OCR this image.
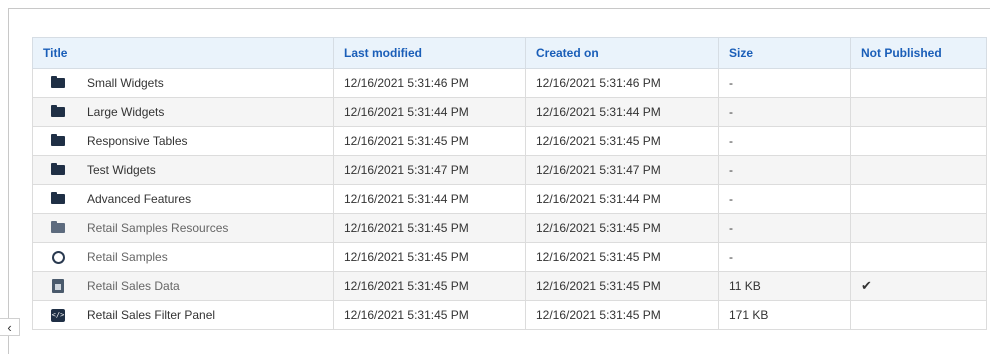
Title	Last modified	Created on	Size	Not Published

Small Widgets	12/16/2021 5:31:46 PM	12/16/2021 5:31:46 PM	-	

Large Widgets	12/16/2021 5:31:44 PM	12/16/2021 5:31:44 PM	-	

Responsive Tables	12/16/2021 5:31:45 PM	12/16/2021 5:31:45 PM	-	

Test Widgets	12/16/2021 5:31:47 PM	12/16/2021 5:31:47 PM	-	

Advanced Features	12/16/2021 5:31:44 PM	12/16/2021 5:31:44 PM	-	

Retail Samples Resources	12/16/2021 5:31:45 PM	12/16/2021 5:31:45 PM	-	

Retail Samples	12/16/2021 5:31:45 PM	12/16/2021 5:31:45 PM	-	

Retail Sales Data	12/16/2021 5:31:45 PM	12/16/2021 5:31:45 PM	11 KB	✔

</> Retail Sales Filter Panel	12/16/2021 5:31:45 PM	12/16/2021 5:31:45 PM	171 KB	
‹
